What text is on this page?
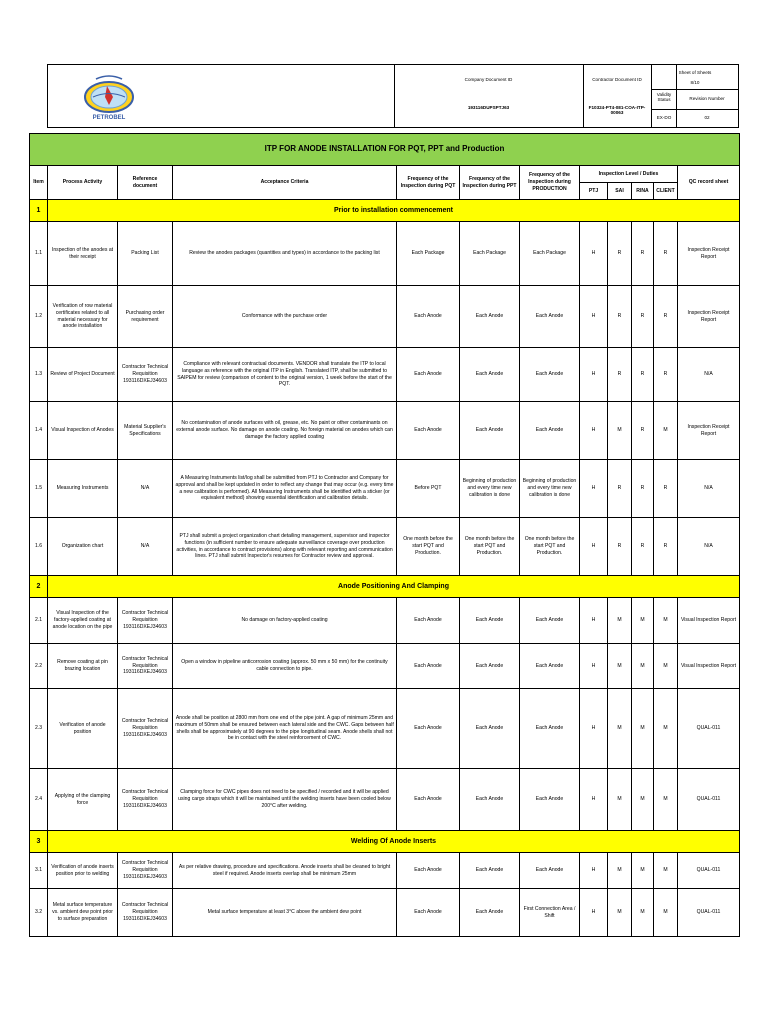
Company Document ID
193116DUPSPTJ63
Contractor Document ID
F10324-PT4-081-COA-ITP-00063
Sheet of Sheets
8/10
Validity Status	Revision Number
EX-DO	02
PETROBEL
ITP FOR ANODE INSTALLATION FOR PQT, PPT and Production											
Item	Process Activity	Reference document	Acceptance Criteria	Frequency of the Inspection during PQT	Frequency of the Inspection during PPT	Frequency of the Inspection during PRODUCTION	Inspection Level / Duties				QC record sheet
							PTJ	SAI	RINA	CLIENT	
1	Prior to installation commencement										
1.1	Inspection of the anodes at their receipt	Packing List	Review the anodes packages (quantities and types) in accordance to the packing list	Each Package	Each Package	Each Package	H	R	R	R	Inspection Receipt Report
1.2	Verification of row material certificates related to all material necessary for anode installation	Purchasing order requirement	Conformance with the purchase order	Each Anode	Each Anode	Each Anode	H	R	R	R	Inspection Receipt Report
1.3	Review of Project Document	Contractor Technical Requisition 193116DXEJ34603	Compliance with relevant contractual documents. VENDOR shall translate the ITP to local language as reference with the original ITP in English. Translated ITP, shall be submitted to SAIPEM for review (comparison of content to the original version, 1 week before the start of the PQT.	Each Anode	Each Anode	Each Anode	H	R	R	R	N/A
1.4	Visual Inspection of Anodes	Material Supplier's Specifications	No contamination of anode surfaces with oil, grease, etc. No paint or other contaminants on external anode surface. No damage on anode coating. No foreign material on anodes which can damage the factory applied coating	Each Anode	Each Anode	Each Anode	H	M	R	M	Inspection Receipt Report
1.5	Measuring Instruments	N/A	A Measuring Instruments list/log shall be submitted from PTJ to Contractor and Company for approval and shall be kept updated in order to reflect any change that may occur (e.g. every time a new calibration is performed). All Measuring Instruments shall be identified with a sticker (or equivalent method) showing essential identification and calibration details.	Before PQT	Beginning of production and every time new calibration is done	Beginning of production and every time new calibration is done	H	R	R	R	N/A
1.6	Organization chart	N/A	PTJ shall submit a project organization chart detailing management, supervisor and inspector functions (in sufficient number to ensure adequate surveillance coverage over production activities, in accordance to contract provisions) along with relevant reporting and communication lines. PTJ shall submit Inspector's resumes for Contractor review and approval.	One month before the start PQT and Production.	One month before the start PQT and Production.	One month before the start PQT and Production.	H	R	R	R	N/A
2	Anode Positioning And Clamping										
2.1	Visual Inspection of the factory-applied coating at anode location on the pipe	Contractor Technical Requisition 193116DXEJ34603	No damage on factory-applied coating	Each Anode	Each Anode	Each Anode	H	M	M	M	Visual Inspection Report
2.2	Remove coating at pin brazing location	Contractor Technical Requisition 193116DXEJ34603	Open a window in pipeline anticorrosion coating (approx. 50 mm x 50 mm) for the continuity cable connection to pipe.	Each Anode	Each Anode	Each Anode	H	M	M	M	Visual Inspection Report
2.3	Verification of anode position	Contractor Technical Requisition 193116DXEJ34603	Anode shall be position at 2800 mm from one end of the pipe joint. A gap of minimum 25mm and maximum of 50mm shall be ensured between each lateral side and the CWC. Gaps between half shells shall be approximately at 90 degrees to the pipe longitudinal seam. Anode shells shall not be in contact with the steel reinforcement of CWC.	Each Anode	Each Anode	Each Anode	H	M	M	M	QUAL-011
2.4	Applying of the clamping force	Contractor Technical Requisition 193116DXEJ34603	Clamping force for CWC pipes does not need to be specified / recorded and it will be applied using cargo straps which it will be maintained until the welding inserts have been cooled below 200°C after welding.	Each Anode	Each Anode	Each Anode	H	M	M	M	QUAL-011
3	Welding Of Anode Inserts										
3.1	Verification of anode inserts position prior to welding	Contractor Technical Requisition 193116DXEJ34603	As per relative drawing, procedure and specifications. Anode inserts shall be cleaned to bright steel if required. Anode inserts overlap shall be minimum 25mm	Each Anode	Each Anode	Each Anode	H	M	M	M	QUAL-011
3.2	Metal surface temperature vs. ambient dew point prior to surface preparation	Contractor Technical Requisition 193116DXEJ34603	Metal surface temperature at least 3°C above the ambient dew point	Each Anode	Each Anode	First Connection Area / Shift	H	M	M	M	QUAL-011
